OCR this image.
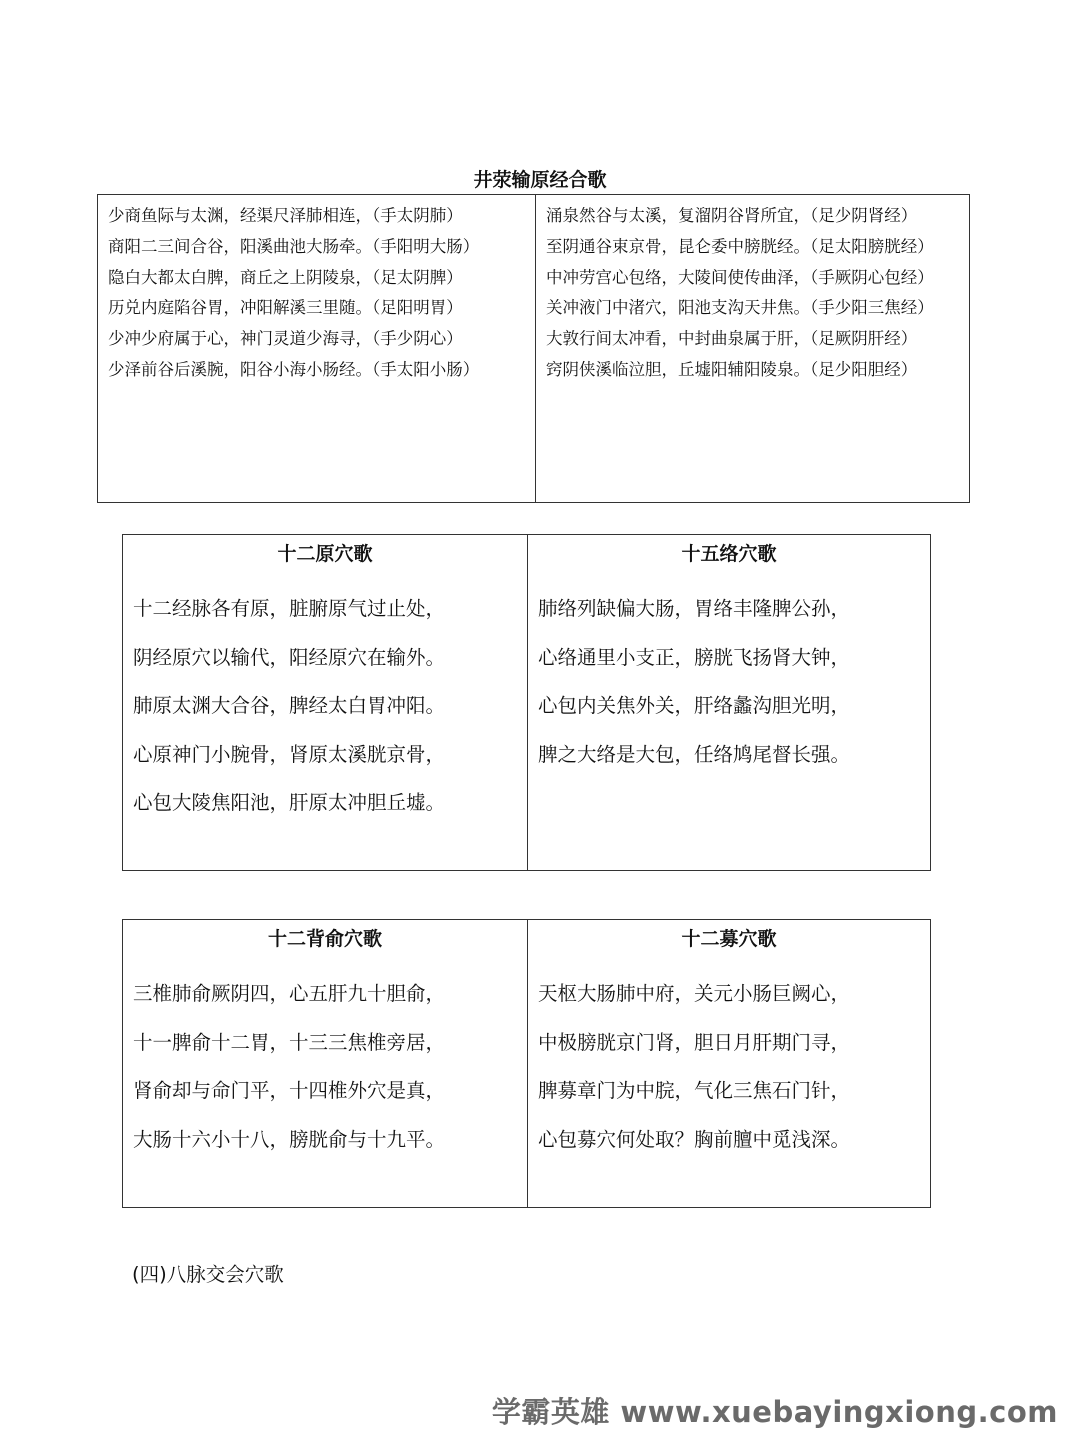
井荥输原经合歌
少商鱼际与太渊，经渠尺泽肺相连，（手太阴肺）
商阳二三间合谷，阳溪曲池大肠牵。（手阳明大肠）
隐白大都太白脾，商丘之上阴陵泉，（足太阴脾）
历兑内庭陷谷胃，冲阳解溪三里随。（足阳明胃）
少冲少府属于心，神门灵道少海寻，（手少阴心）
少泽前谷后溪腕，阳谷小海小肠经。（手太阳小肠）
涌泉然谷与太溪，复溜阴谷肾所宜，（足少阴肾经）
至阴通谷束京骨，昆仑委中膀胱经。（足太阳膀胱经）
中冲劳宫心包络，大陵间使传曲泽，（手厥阴心包经）
关冲液门中渚穴，阳池支沟天井焦。（手少阳三焦经）
大敦行间太冲看，中封曲泉属于肝，（足厥阴肝经）
窍阴侠溪临泣胆，丘墟阳辅阳陵泉。（足少阳胆经）
十二原穴歌
十二经脉各有原，脏腑原气过止处，
阴经原穴以输代，阳经原穴在输外。
肺原太渊大合谷，脾经太白胃冲阳。
心原神门小腕骨，肾原太溪胱京骨，
心包大陵焦阳池，肝原太冲胆丘墟。
十五络穴歌
肺络列缺偏大肠，胃络丰隆脾公孙，
心络通里小支正，膀胱飞扬肾大钟，
心包内关焦外关，肝络蠡沟胆光明，
脾之大络是大包，任络鸠尾督长强。
十二背俞穴歌
三椎肺俞厥阴四，心五肝九十胆俞，
十一脾俞十二胃，十三三焦椎旁居，
肾俞却与命门平，十四椎外穴是真，
大肠十六小十八，膀胱俞与十九平。
十二募穴歌
天枢大肠肺中府，关元小肠巨阙心，
中极膀胱京门肾，胆日月肝期门寻，
脾募章门为中脘，气化三焦石门针，
心包募穴何处取？胸前膻中觅浅深。
(四)八脉交会穴歌
学霸英雄 www.xuebayingxiong.com
